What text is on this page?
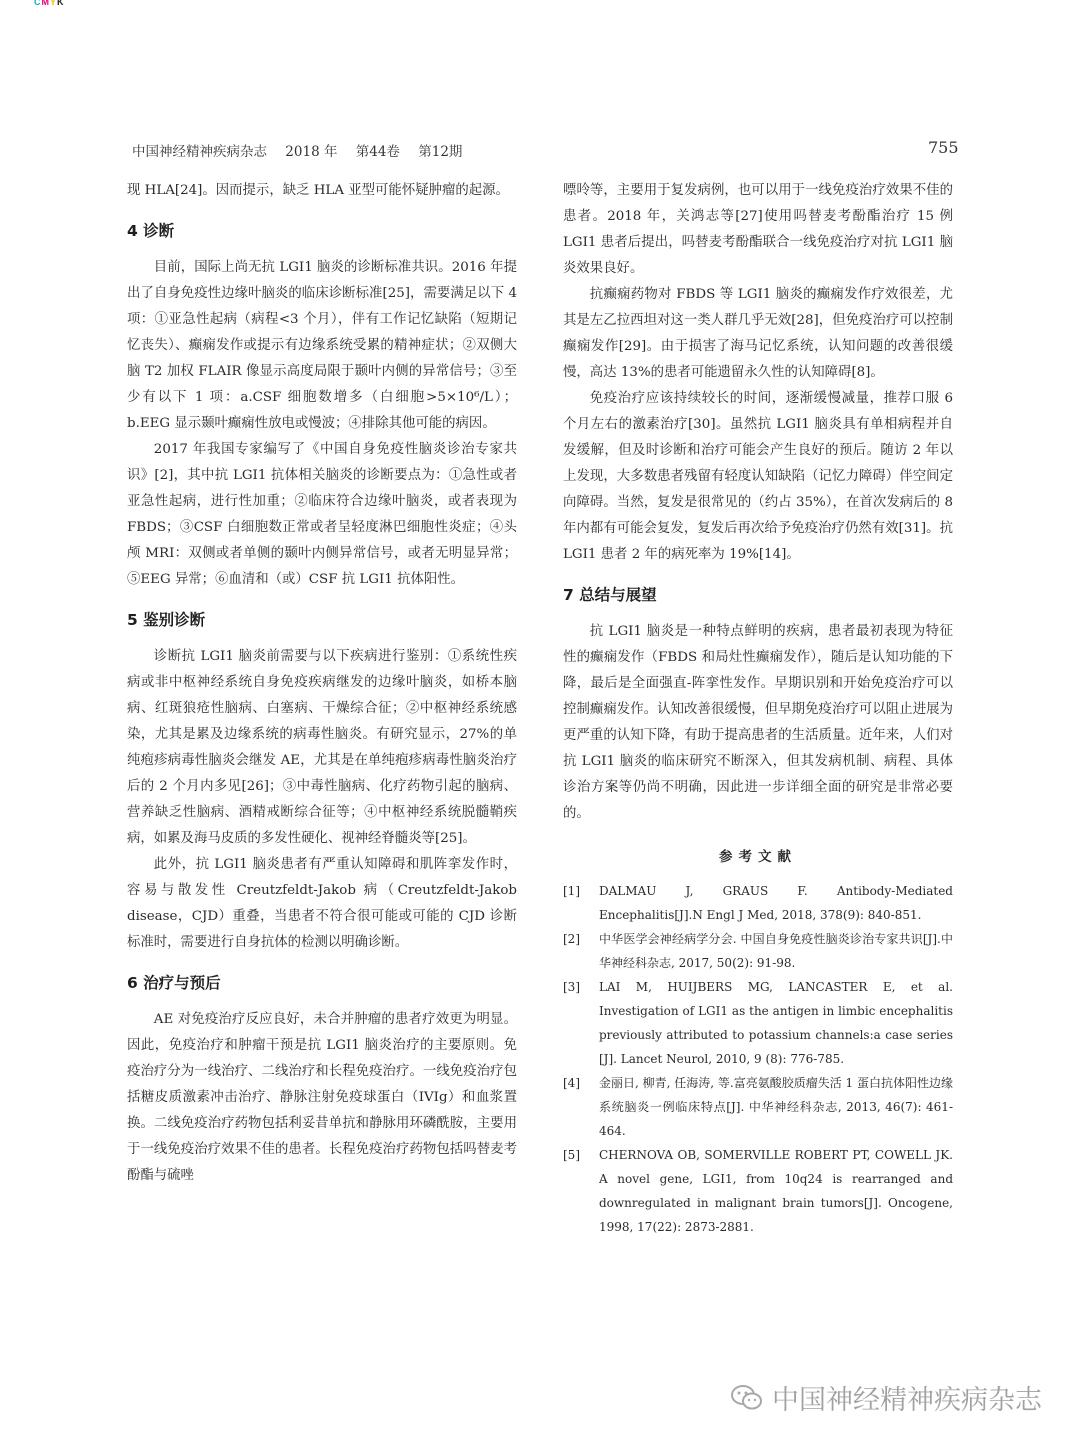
CMYK
中国神经精神疾病杂志 2018 年 第44卷 第12期	755

现 HLA[24]。因而提示，缺乏 HLA 亚型可能怀疑肿瘤的起源。

4 诊断

目前，国际上尚无抗 LGI1 脑炎的诊断标准共识。2016 年提出了自身免疫性边缘叶脑炎的临床诊断标准[25]，需要满足以下 4 项：①亚急性起病（病程<3 个月），伴有工作记忆缺陷（短期记忆丧失）、癫痫发作或提示有边缘系统受累的精神症状；②双侧大脑 T2 加权 FLAIR 像显示高度局限于颞叶内侧的异常信号；③至少有以下 1 项：a.CSF 细胞数增多（白细胞>5×10⁶/L）；b.EEG 显示颞叶癫痫性放电或慢波；④排除其他可能的病因。

2017 年我国专家编写了《中国自身免疫性脑炎诊治专家共识》[2]，其中抗 LGI1 抗体相关脑炎的诊断要点为：①急性或者亚急性起病，进行性加重；②临床符合边缘叶脑炎，或者表现为 FBDS；③CSF 白细胞数正常或者呈轻度淋巴细胞性炎症；④头颅 MRI：双侧或者单侧的颞叶内侧异常信号，或者无明显异常；⑤EEG 异常；⑥血清和（或）CSF 抗 LGI1 抗体阳性。

5 鉴别诊断

诊断抗 LGI1 脑炎前需要与以下疾病进行鉴别：①系统性疾病或非中枢神经系统自身免疫疾病继发的边缘叶脑炎，如桥本脑病、红斑狼疮性脑病、白塞病、干燥综合征；②中枢神经系统感染，尤其是累及边缘系统的病毒性脑炎。有研究显示，27%的单纯疱疹病毒性脑炎会继发 AE，尤其是在单纯疱疹病毒性脑炎治疗后的 2 个月内多见[26]；③中毒性脑病、化疗药物引起的脑病、营养缺乏性脑病、酒精戒断综合征等；④中枢神经系统脱髓鞘疾病，如累及海马皮质的多发性硬化、视神经脊髓炎等[25]。

此外，抗 LGI1 脑炎患者有严重认知障碍和肌阵挛发作时，容易与散发性 Creutzfeldt-Jakob 病（Creutzfeldt-Jakob disease，CJD）重叠，当患者不符合很可能或可能的 CJD 诊断标准时，需要进行自身抗体的检测以明确诊断。

6 治疗与预后

AE 对免疫治疗反应良好，未合并肿瘤的患者疗效更为明显。因此，免疫治疗和肿瘤干预是抗 LGI1 脑炎治疗的主要原则。免疫治疗分为一线治疗、二线治疗和长程免疫治疗。一线免疫治疗包括糖皮质激素冲击治疗、静脉注射免疫球蛋白（IVIg）和血浆置换。二线免疫治疗药物包括利妥昔单抗和静脉用环磷酰胺，主要用于一线免疫治疗效果不佳的患者。长程免疫治疗药物包括吗替麦考酚酯与硫唑

嘌呤等，主要用于复发病例，也可以用于一线免疫治疗效果不佳的患者。2018 年，关鸿志等[27]使用吗替麦考酚酯治疗 15 例 LGI1 患者后提出，吗替麦考酚酯联合一线免疫治疗对抗 LGI1 脑炎效果良好。

抗癫痫药物对 FBDS 等 LGI1 脑炎的癫痫发作疗效很差，尤其是左乙拉西坦对这一类人群几乎无效[28]，但免疫治疗可以控制癫痫发作[29]。由于损害了海马记忆系统，认知问题的改善很缓慢，高达 13%的患者可能遗留永久性的认知障碍[8]。

免疫治疗应该持续较长的时间，逐渐缓慢减量，推荐口服 6 个月左右的激素治疗[30]。虽然抗 LGI1 脑炎具有单相病程并自发缓解，但及时诊断和治疗可能会产生良好的预后。随访 2 年以上发现，大多数患者残留有轻度认知缺陷（记忆力障碍）伴空间定向障碍。当然，复发是很常见的（约占 35%），在首次发病后的 8 年内都有可能会复发，复发后再次给予免疫治疗仍然有效[31]。抗 LGI1 患者 2 年的病死率为 19%[14]。

7 总结与展望

抗 LGI1 脑炎是一种特点鲜明的疾病，患者最初表现为特征性的癫痫发作（FBDS 和局灶性癫痫发作），随后是认知功能的下降，最后是全面强直-阵挛性发作。早期识别和开始免疫治疗可以控制癫痫发作。认知改善很缓慢，但早期免疫治疗可以阻止进展为更严重的认知下降，有助于提高患者的生活质量。近年来，人们对抗 LGI1 脑炎的临床研究不断深入，但其发病机制、病程、具体诊治方案等仍尚不明确，因此进一步详细全面的研究是非常必要的。

参考文献
[1]	DALMAU J, GRAUS F. Antibody-Mediated Encephalitis[J].N Engl J Med, 2018, 378(9): 840-851.
[2]	中华医学会神经病学分会. 中国自身免疫性脑炎诊治专家共识[J].中华神经科杂志, 2017, 50(2): 91-98.
[3]	LAI M, HUIJBERS MG, LANCASTER E, et al. Investigation of LGI1 as the antigen in limbic encephalitis previously attributed to potassium channels:a case series [J]. Lancet Neurol, 2010, 9 (8): 776-785.
[4]	金丽日, 柳青, 任海涛, 等.富亮氨酸胶质瘤失活 1 蛋白抗体阳性边缘系统脑炎一例临床特点[J]. 中华神经科杂志, 2013, 46(7): 461-464.
[5]	CHERNOVA OB, SOMERVILLE ROBERT PT, COWELL JK. A novel gene, LGI1, from 10q24 is rearranged and downregulated in malignant brain tumors[J]. Oncogene, 1998, 17(22): 2873-2881.
中国神经精神疾病杂志
